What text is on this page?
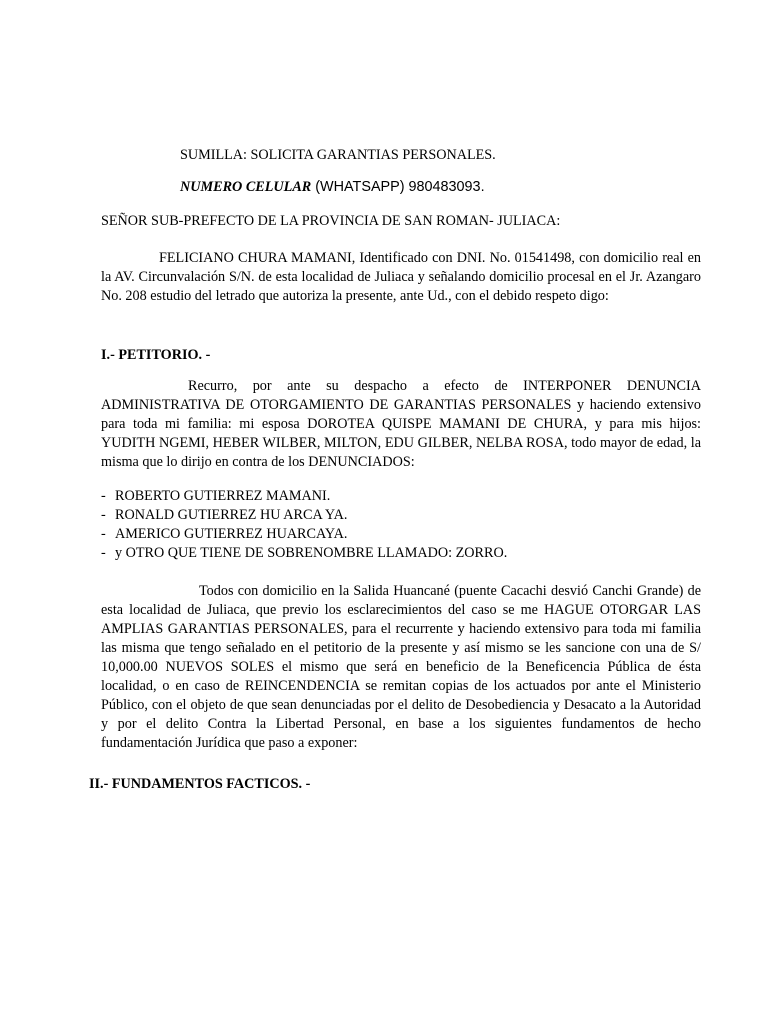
SUMILLA: SOLICITA GARANTIAS PERSONALES.
NUMERO CELULAR (WHATSAPP) 980483093.
SEÑOR SUB-PREFECTO DE LA PROVINCIA DE SAN ROMAN- JULIACA:
FELICIANO CHURA MAMANI, Identificado con DNI. No. 01541498, con domicilio real en la AV. Circunvalación S/N. de esta localidad de Juliaca y señalando domicilio procesal en el Jr. Azangaro No. 208 estudio del letrado que autoriza la presente, ante Ud., con el debido respeto digo:
I.- PETITORIO. -
Recurro, por ante su despacho a efecto de INTERPONER DENUNCIA ADMINISTRATIVA DE OTORGAMIENTO DE GARANTIAS PERSONALES y haciendo extensivo para toda mi familia: mi esposa DOROTEA QUISPE MAMANI DE CHURA, y para mis hijos: YUDITH NGEMI, HEBER WILBER, MILTON, EDU GILBER, NELBA ROSA, todo mayor de edad, la misma que lo dirijo en contra de los DENUNCIADOS:
- ROBERTO GUTIERREZ MAMANI.
- RONALD GUTIERREZ HU ARCA YA.
- AMERICO GUTIERREZ HUARCAYA.
- y OTRO QUE TIENE DE SOBRENOMBRE LLAMADO: ZORRO.
Todos con domicilio en la Salida Huancané (puente Cacachi desvió Canchi Grande) de esta localidad de Juliaca, que previo los esclarecimientos del caso se me HAGUE OTORGAR LAS AMPLIAS GARANTIAS PERSONALES, para el recurrente y haciendo extensivo para toda mi familia las misma que tengo señalado en el petitorio de la presente y así mismo se les sancione con una de S/ 10,000.00 NUEVOS SOLES el mismo que será en beneficio de la Beneficencia Pública de ésta localidad, o en caso de REINCENDENCIA se remitan copias de los actuados por ante el Ministerio Público, con el objeto de que sean denunciadas por el delito de Desobediencia y Desacato a la Autoridad y por el delito Contra la Libertad Personal, en base a los siguientes fundamentos de hecho fundamentación Jurídica que paso a exponer:
II.- FUNDAMENTOS FACTICOS. -
